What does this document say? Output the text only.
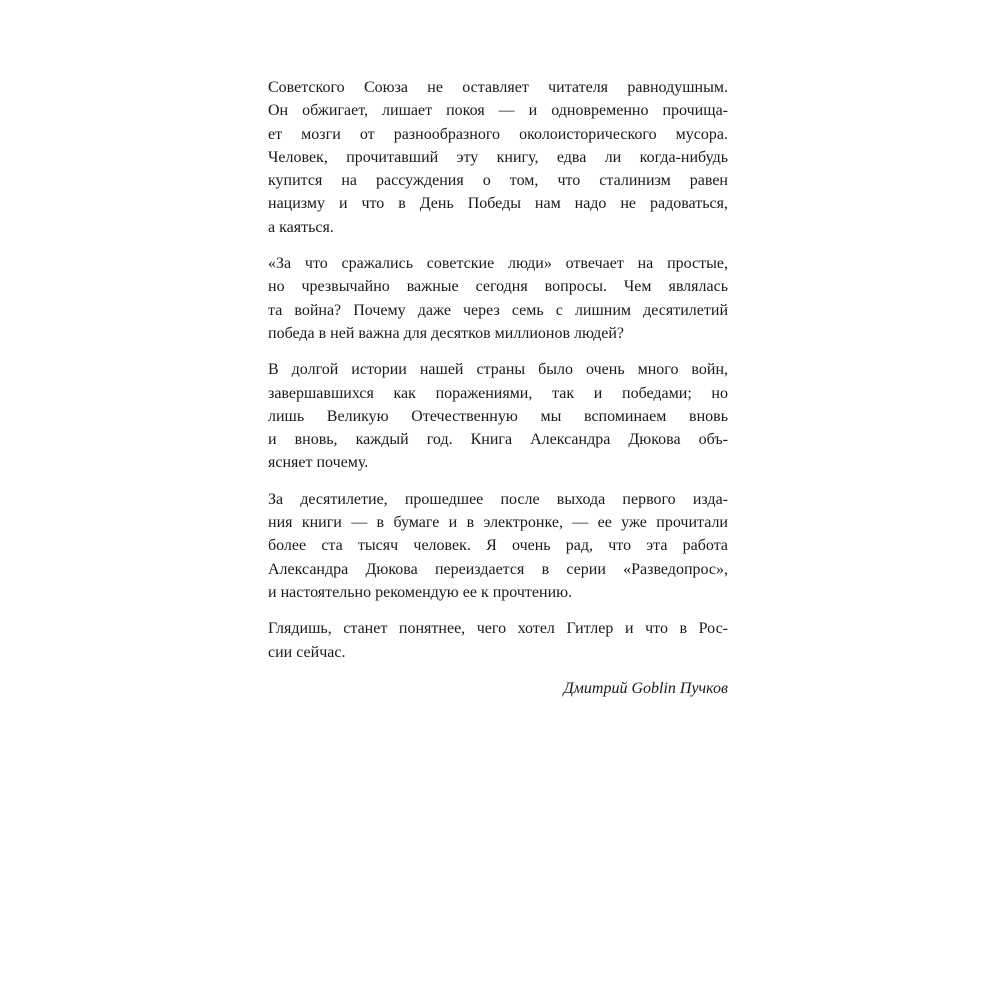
Советского Союза не оставляет читателя равнодушным.
Он обжигает, лишает покоя — и одновременно прочища-
ет мозги от разнообразного околоисторического мусора.
Человек, прочитавший эту книгу, едва ли когда-нибудь
купится на рассуждения о том, что сталинизм равен
нацизму и что в День Победы нам надо не радоваться,
а каяться.
«За что сражались советские люди» отвечает на простые,
но чрезвычайно важные сегодня вопросы. Чем являлась
та война? Почему даже через семь с лишним десятилетий
победа в ней важна для десятков миллионов людей?
В долгой истории нашей страны было очень много войн,
завершавшихся как поражениями, так и победами; но
лишь Великую Отечественную мы вспоминаем вновь
и вновь, каждый год. Книга Александра Дюкова объ-
ясняет почему.
За десятилетие, прошедшее после выхода первого изда-
ния книги — в бумаге и в электронке, — ее уже прочитали
более ста тысяч человек. Я очень рад, что эта работа
Александра Дюкова переиздается в серии «Разведопрос»,
и настоятельно рекомендую ее к прочтению.
Глядишь, станет понятнее, чего хотел Гитлер и что в Рос-
сии сейчас.
Дмитрий Goblin Пучков
